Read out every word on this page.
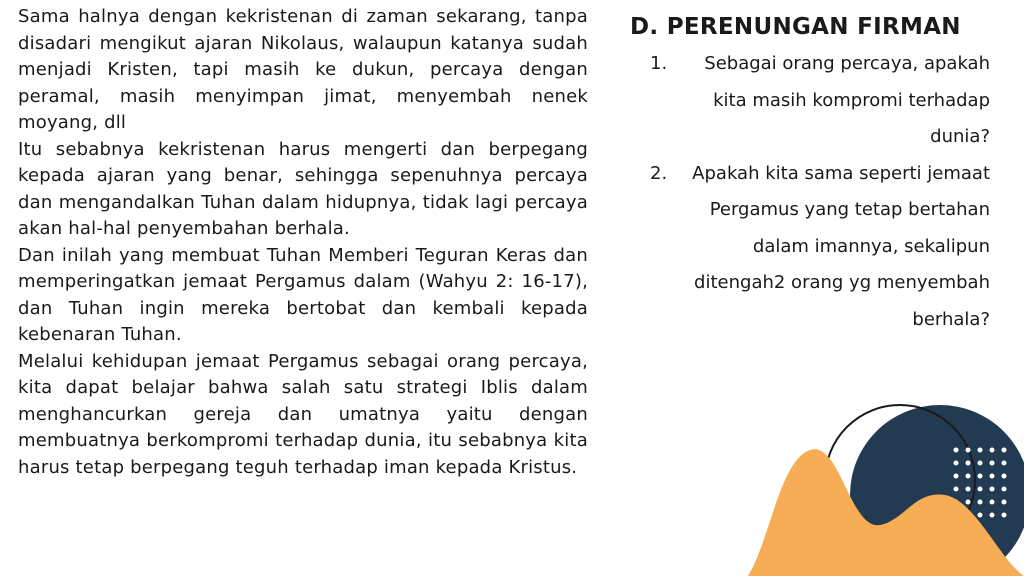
Sama halnya dengan kekristenan di zaman sekarang, tanpa disadari mengikut ajaran Nikolaus, walaupun katanya sudah menjadi Kristen, tapi masih ke dukun, percaya dengan peramal, masih menyimpan jimat, menyembah nenek moyang, dll

Itu sebabnya kekristenan harus mengerti dan berpegang kepada ajaran yang benar, sehingga sepenuhnya percaya dan mengandalkan Tuhan dalam hidupnya, tidak lagi percaya akan hal-hal penyembahan berhala.

Dan inilah yang membuat Tuhan Memberi Teguran Keras dan memperingatkan jemaat Pergamus dalam (Wahyu 2: 16-17), dan Tuhan ingin mereka bertobat dan kembali kepada kebenaran Tuhan.

Melalui kehidupan jemaat Pergamus sebagai orang percaya, kita dapat belajar bahwa salah satu strategi Iblis dalam menghancurkan gereja dan umatnya yaitu dengan membuatnya berkompromi terhadap dunia, itu sebabnya kita harus tetap berpegang teguh terhadap iman kepada Kristus.

D. PERENUNGAN FIRMAN
1.	Sebagai orang percaya, apakah kita masih kompromi terhadap dunia?
2.	Apakah kita sama seperti jemaat Pergamus yang tetap bertahan dalam imannya, sekalipun ditengah2 orang yg menyembah berhala?
